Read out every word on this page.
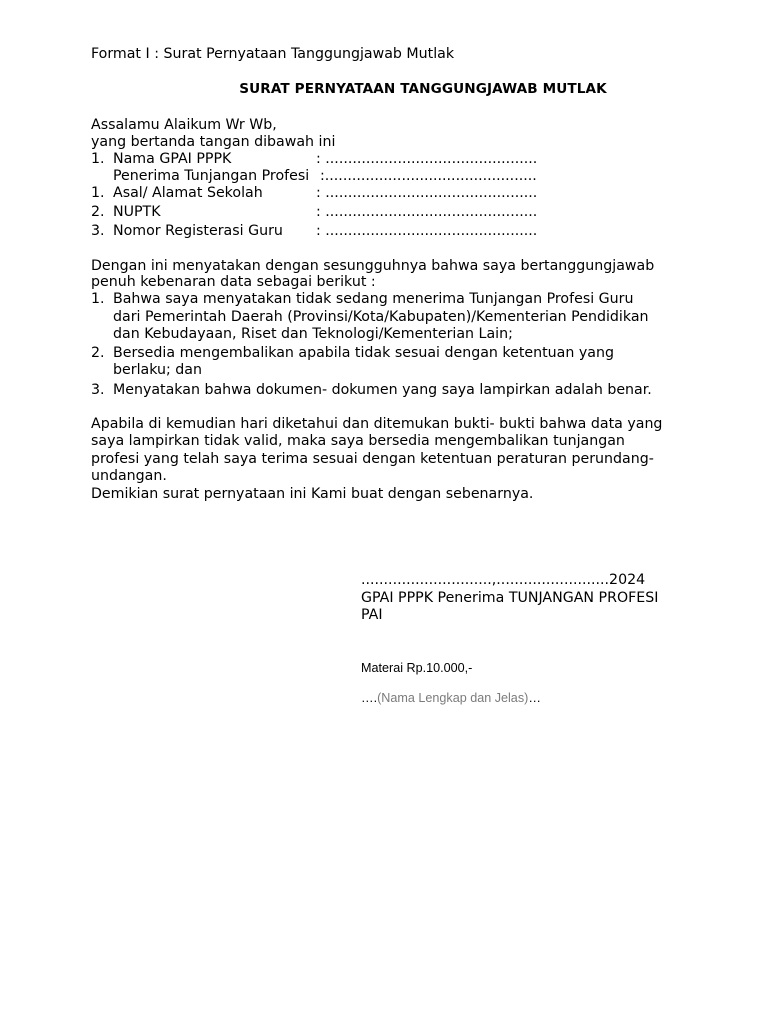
Format I : Surat Pernyataan Tanggungjawab Mutlak
SURAT PERNYATAAN TANGGUNGJAWAB MUTLAK
Assalamu Alaikum Wr Wb,
yang bertanda tangan dibawah ini
1. Nama GPAI PPPK	: ...............................................
Penerima Tunjangan Profesi :...............................................
1. Asal/ Alamat Sekolah	: ...............................................
2. NUPTK	: ...............................................
3. Nomor Registerasi Guru : ...............................................
Dengan ini menyatakan dengan sesungguhnya bahwa saya bertanggungjawab
penuh kebenaran data sebagai berikut :
1. Bahwa saya menyatakan tidak sedang menerima Tunjangan Profesi Guru
dari Pemerintah Daerah (Provinsi/Kota/Kabupaten)/Kementerian Pendidikan
dan Kebudayaan, Riset dan Teknologi/Kementerian Lain;
2. Bersedia mengembalikan apabila tidak sesuai dengan ketentuan yang
berlaku; dan
3. Menyatakan bahwa dokumen- dokumen yang saya lampirkan adalah benar.
Apabila di kemudian hari diketahui dan ditemukan bukti- bukti bahwa data yang
saya lampirkan tidak valid, maka saya bersedia mengembalikan tunjangan
profesi yang telah saya terima sesuai dengan ketentuan peraturan perundang-
undangan.
Demikian surat pernyataan ini Kami buat dengan sebenarnya.
.............................,.........................2024
GPAI PPPK Penerima TUNJANGAN PROFESI
PAI
Materai Rp.10.000,-
….(Nama Lengkap dan Jelas)…
